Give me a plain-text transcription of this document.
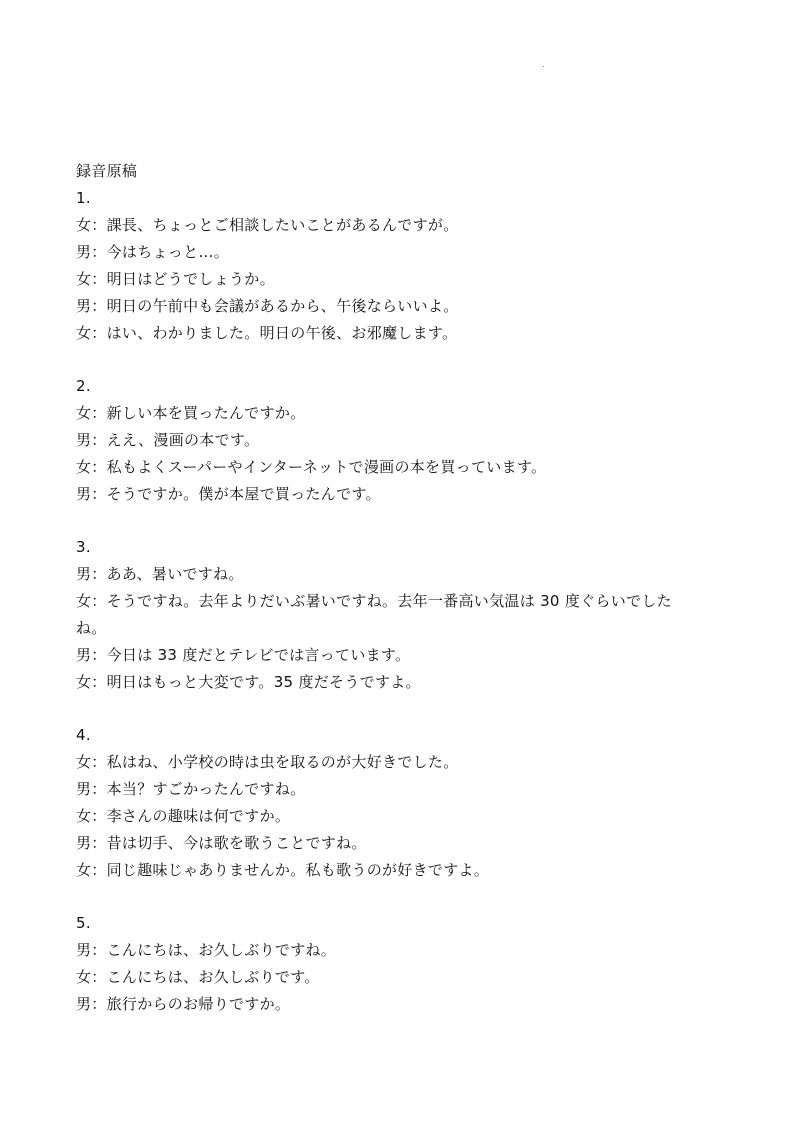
録音原稿
1.
女：課長、ちょっとご相談したいことがあるんですが。
男：今はちょっと…。
女：明日はどうでしょうか。
男：明日の午前中も会議があるから、午後ならいいよ。
女：はい、わかりました。明日の午後、お邪魔します。
2.
女：新しい本を買ったんですか。
男：ええ、漫画の本です。
女：私もよくスーパーやインターネットで漫画の本を買っています。
男：そうですか。僕が本屋で買ったんです。
3.
男：ああ、暑いですね。
女：そうですね。去年よりだいぶ暑いですね。去年一番高い気温は 30 度ぐらいでした
ね。
男：今日は 33 度だとテレビでは言っています。
女：明日はもっと大変です。35 度だそうですよ。
4.
女：私はね、小学校の時は虫を取るのが大好きでした。
男：本当？すごかったんですね。
女：李さんの趣味は何ですか。
男：昔は切手、今は歌を歌うことですね。
女：同じ趣味じゃありませんか。私も歌うのが好きですよ。
5.
男：こんにちは、お久しぶりですね。
女：こんにちは、お久しぶりです。
男：旅行からのお帰りですか。
